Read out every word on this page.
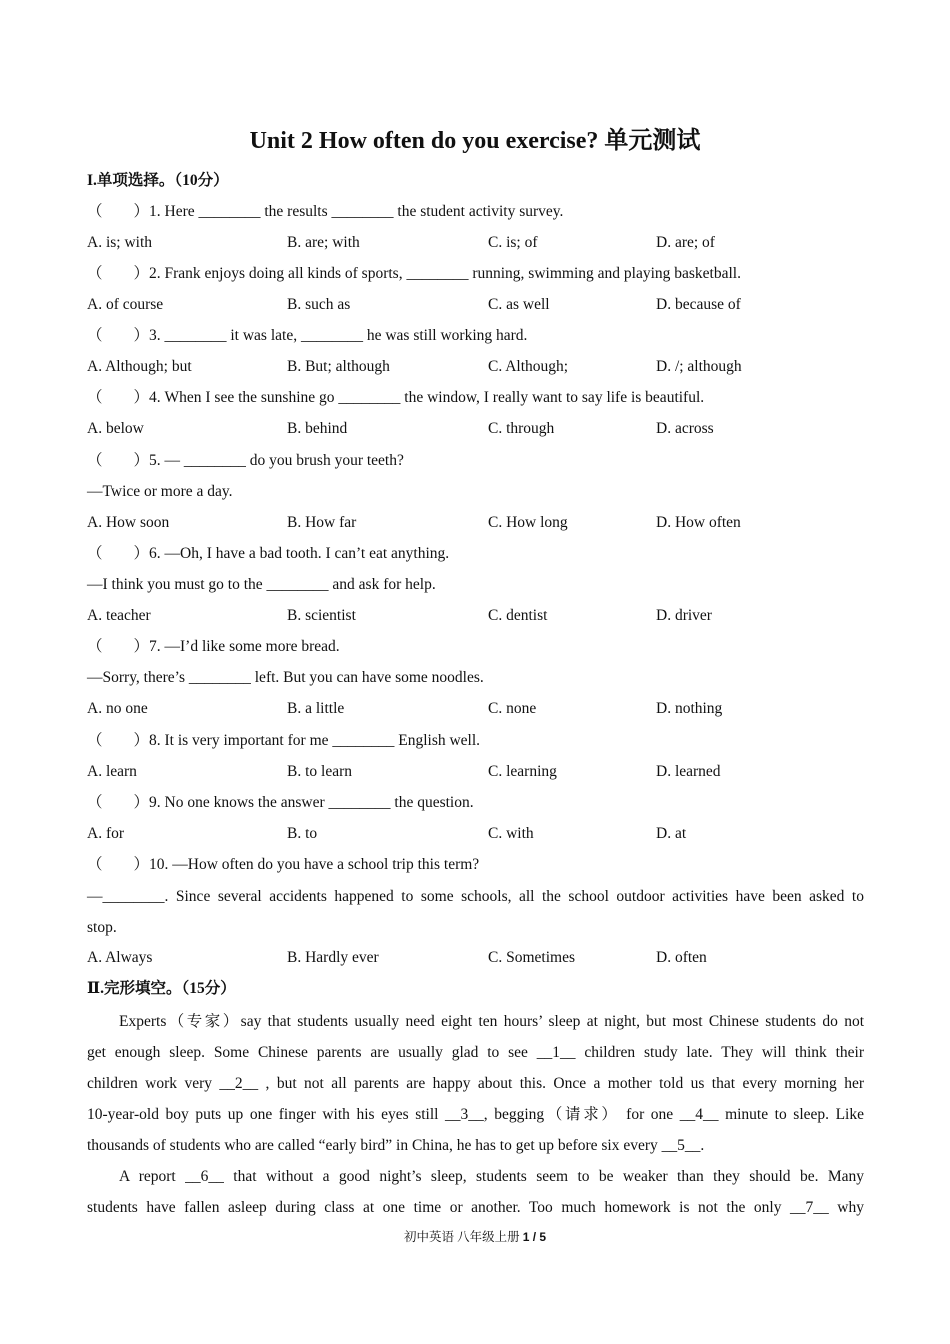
Unit 2 How often do you exercise? 单元测试
I.单项选择。（10分）
（　　）1. Here ________ the results ________ the student activity survey.
A. is; with	B. are; with	C. is; of	D. are; of
（　　）2. Frank enjoys doing all kinds of sports, ________ running, swimming and playing basketball.
A. of course	B. such as	C. as well	D. because of
（　　）3. ________ it was late, ________ he was still working hard.
A. Although; but	B. But; although	C. Although;	D. /; although
（　　）4. When I see the sunshine go ________ the window, I really want to say life is beautiful.
A. below	B. behind	C. through	D. across
（　　）5. — ________ do you brush your teeth?
—Twice or more a day.
A. How soon	B. How far	C. How long	D. How often
（　　）6. —Oh, I have a bad tooth. I can’t eat anything.
—I think you must go to the ________ and ask for help.
A. teacher	B. scientist	C. dentist	D. driver
（　　）7. —I’d like some more bread.
—Sorry, there’s ________ left. But you can have some noodles.
A. no one	B. a little	C. none	D. nothing
（　　）8. It is very important for me ________ English well.
A. learn	B. to learn	C. learning	D. learned
（　　）9. No one knows the answer ________ the question.
A. for	B. to	C. with	D. at
（　　）10. —How often do you have a school trip this term?
—________. Since several accidents happened to some schools, all the school outdoor activities have been asked to
stop.
A. Always	B. Hardly ever	C. Sometimes	D. often
Ⅱ.完形填空。（15分）
Experts（专家）say that students usually need eight ten hours’ sleep at night, but most Chinese students do not
get enough sleep. Some Chinese parents are usually glad to see __1__ children study late. They will think their
children work very __2__ , but not all parents are happy about this. Once a mother told us that every morning her
10-year-old boy puts up one finger with his eyes still __3__, begging（请求） for one __4__ minute to sleep. Like
thousands of students who are called “early bird” in China, he has to get up before six every __5__.
A report __6__ that without a good night’s sleep, students seem to be weaker than they should be. Many
students have fallen asleep during class at one time or another. Too much homework is not the only __7__ why
初中英语 八年级上册 1 / 5
